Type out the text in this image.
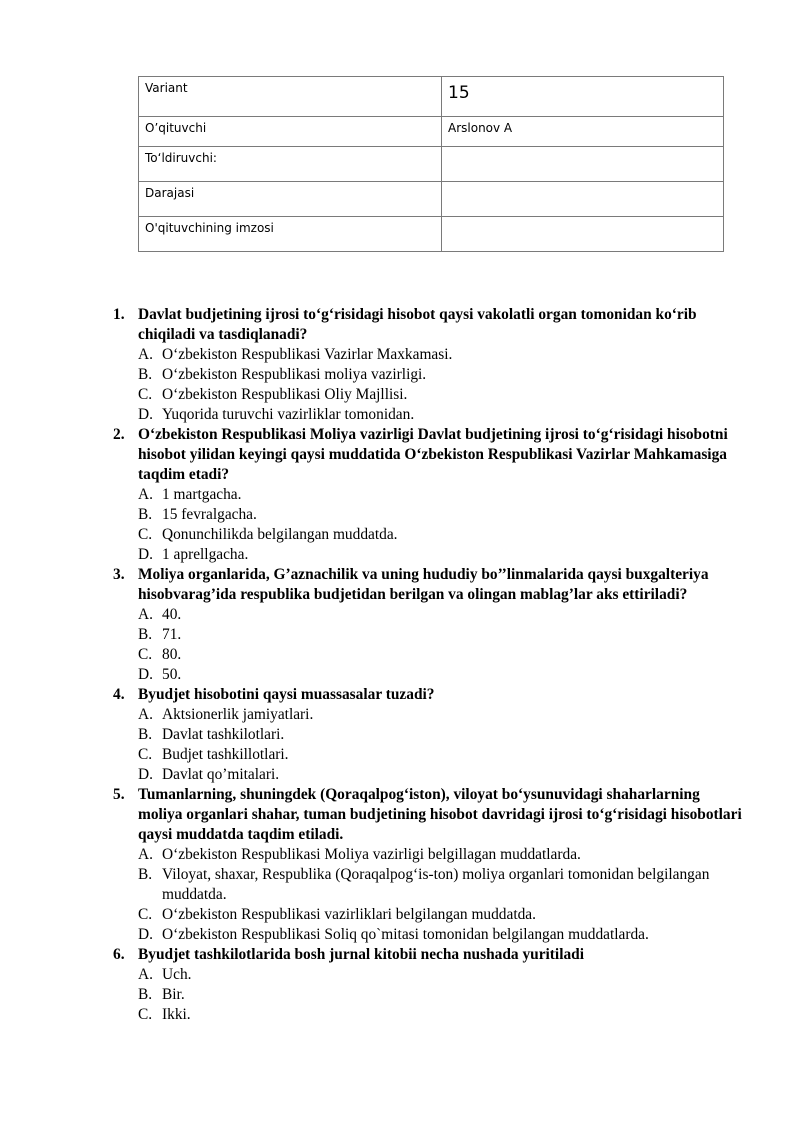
Variant	15
O’qituvchi	Arslonov A
To‘ldiruvchi:	
Darajasi	
O'qituvchining imzosi	
1. Davlat budjetining ijrosi to‘g‘risidagi hisobot qaysi vakolatli organ tomonidan ko‘rib chiqiladi va tasdiqlanadi?
A. O‘zbekiston Respublikasi Vazirlar Maxkamasi.
B. O‘zbekiston Respublikasi moliya vazirligi.
C. O‘zbekiston Respublikasi Oliy Majllisi.
D. Yuqorida turuvchi vazirliklar tomonidan.
2. O‘zbekiston Respublikasi Moliya vazirligi Davlat budjetining ijrosi to‘g‘risidagi hisobotni hisobot yilidan keyingi qaysi muddatida O‘zbekiston Respublikasi Vazirlar Mahkamasiga taqdim etadi?
A. 1 martgacha.
B. 15 fevralgacha.
C. Qonunchilikda belgilangan muddatda.
D. 1 aprellgacha.
3. Moliya organlarida, G’aznachilik va uning hududiy bo’’linmalarida qaysi buxgalteriya hisobvarag’ida respublika budjetidan berilgan va olingan mablag’lar aks ettiriladi?
A. 40.
B. 71.
C. 80.
D. 50.
4. Byudjet hisobotini qaysi muassasalar tuzadi?
A. Aktsionerlik jamiyatlari.
B. Davlat tashkilotlari.
C. Budjet tashkillotlari.
D. Davlat qo’mitalari.
5. Tumanlarning, shuningdek (Qoraqalpog‘iston), viloyat bo‘ysunuvidagi shaharlarning moliya organlari shahar, tuman budjetining hisobot davridagi ijrosi to‘g‘risidagi hisobotlari qaysi muddatda taqdim etiladi.
A. O‘zbekiston Respublikasi Moliya vazirligi belgillagan muddatlarda.
B. Viloyat, shaxar, Respublika (Qoraqalpog‘is-ton) moliya organlari tomonidan belgilangan muddatda.
C. O‘zbekiston Respublikasi vazirliklari belgilangan muddatda.
D. O‘zbekiston Respublikasi Soliq qo`mitasi tomonidan belgilangan muddatlarda.
6. Byudjet tashkilotlarida bosh jurnal kitobii necha nushada yuritiladi
A. Uch.
B. Bir.
C. Ikki.
